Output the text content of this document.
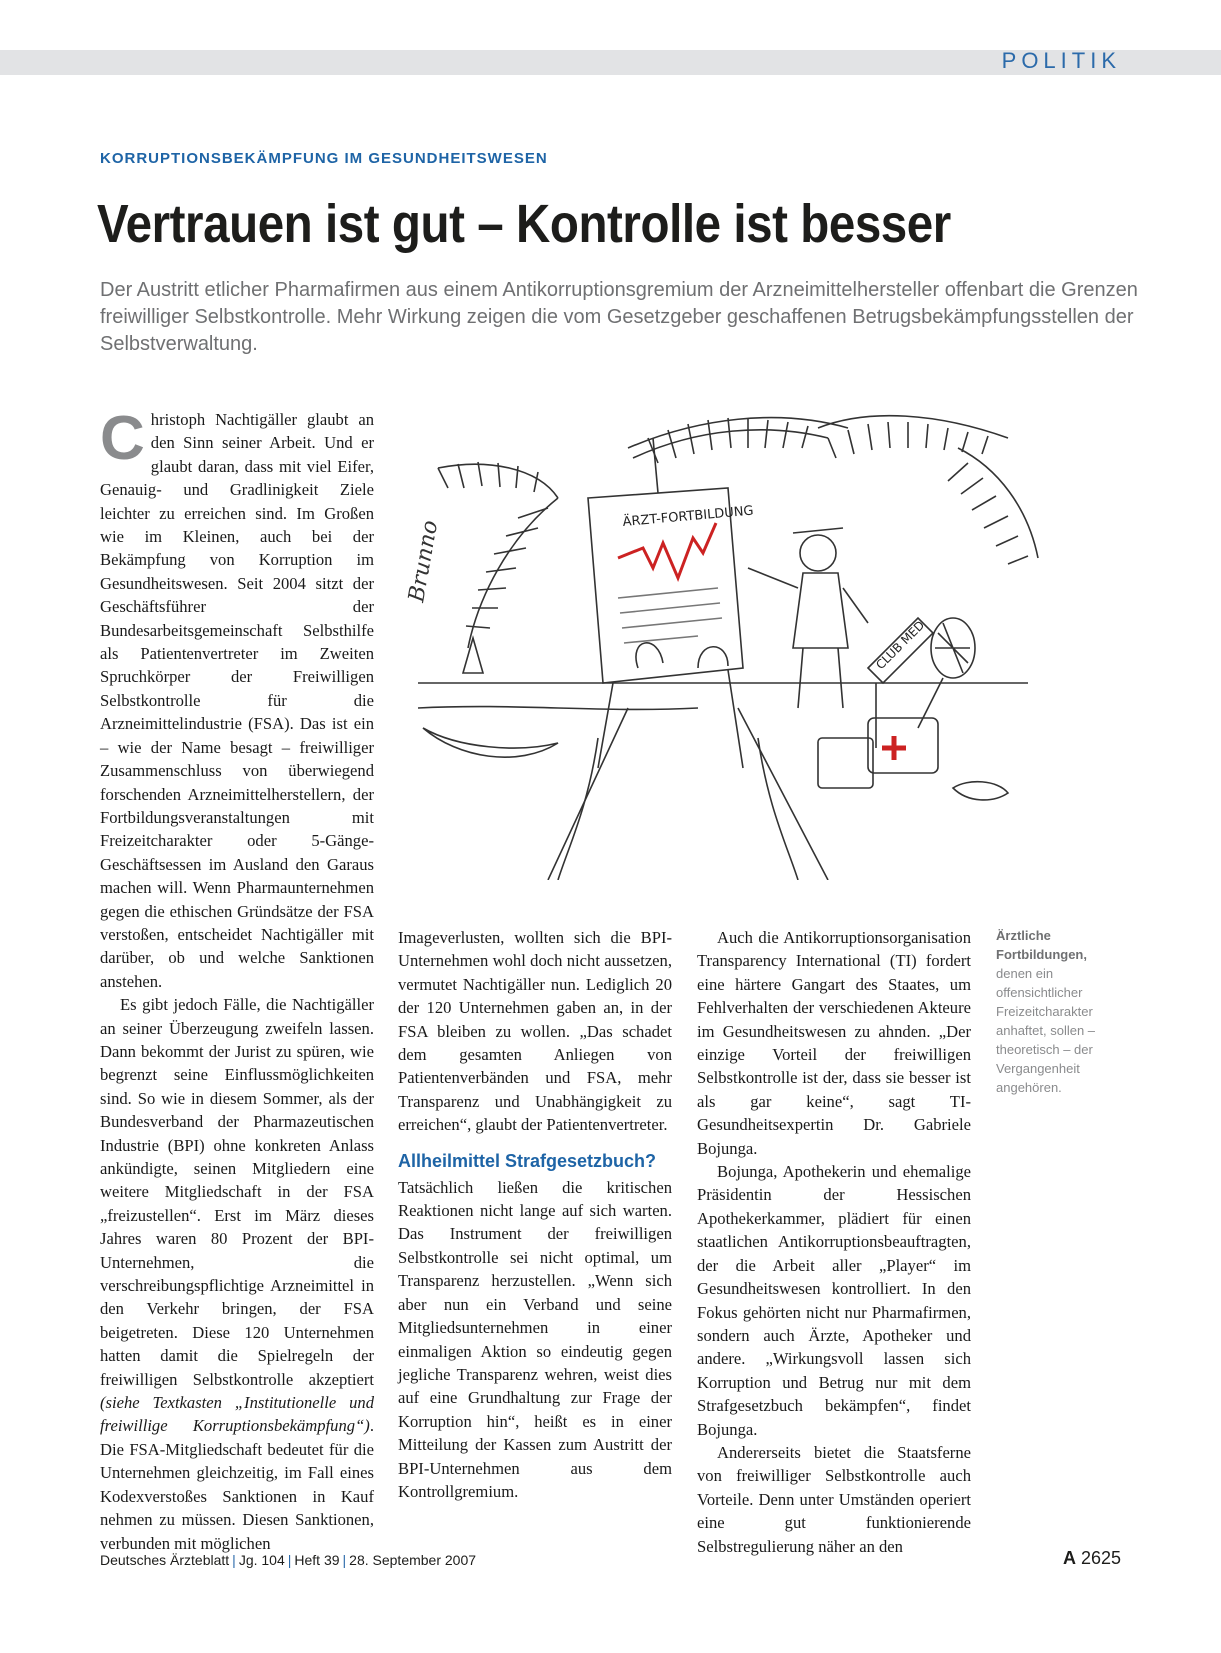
POLITIK
KORRUPTIONSBEKÄMPFUNG IM GESUNDHEITSWESEN
Vertrauen ist gut – Kontrolle ist besser
Der Austritt etlicher Pharmafirmen aus einem Antikorruptionsgremium der Arzneimittelhersteller offenbart die Grenzen freiwilliger Selbstkontrolle. Mehr Wirkung zeigen die vom Gesetzgeber geschaffenen Betrugsbekämpfungsstellen der Selbstverwaltung.

Christoph Nachtigäller glaubt an den Sinn seiner Arbeit. Und er glaubt daran, dass mit viel Eifer, Genauig- und Gradlinigkeit Ziele leichter zu erreichen sind. Im Großen wie im Kleinen, auch bei der Bekämpfung von Korruption im Gesundheitswesen. Seit 2004 sitzt der Geschäftsführer der Bundesarbeitsgemeinschaft Selbsthilfe als Patientenvertreter im Zweiten Spruchkörper der Freiwilligen Selbstkontrolle für die Arzneimittelindustrie (FSA). Das ist ein – wie der Name besagt – freiwilliger Zusammenschluss von überwiegend forschenden Arzneimittelherstellern, der Fortbildungsveranstaltungen mit Freizeitcharakter oder 5-Gänge-Geschäftsessen im Ausland den Garaus machen will. Wenn Pharmaunternehmen gegen die ethischen Gründsätze der FSA verstoßen, entscheidet Nachtigäller mit darüber, ob und welche Sanktionen anstehen.

Es gibt jedoch Fälle, die Nachtigäller an seiner Überzeugung zweifeln lassen. Dann bekommt der Jurist zu spüren, wie begrenzt seine Einflussmöglichkeiten sind. So wie in diesem Sommer, als der Bundesverband der Pharmazeutischen Industrie (BPI) ohne konkreten Anlass ankündigte, seinen Mitgliedern eine weitere Mitgliedschaft in der FSA „freizustellen“. Erst im März dieses Jahres waren 80 Prozent der BPI-Unternehmen, die verschreibungspflichtige Arzneimittel in den Verkehr bringen, der FSA beigetreten. Diese 120 Unternehmen hatten damit die Spielregeln der freiwilligen Selbstkontrolle akzeptiert (siehe Textkasten „Institutionelle und freiwillige Korruptionsbekämpfung“). Die FSA-Mitgliedschaft bedeutet für die Unternehmen gleichzeitig, im Fall eines Kodexverstoßes Sanktionen in Kauf nehmen zu müssen. Diesen Sanktionen, verbunden mit möglichen

ÄRZT-FORTBILDUNG
CLUB MED
Brunno

Imageverlusten, wollten sich die BPI-Unternehmen wohl doch nicht aussetzen, vermutet Nachtigäller nun. Lediglich 20 der 120 Unternehmen gaben an, in der FSA bleiben zu wollen. „Das schadet dem gesamten Anliegen von Patientenverbänden und FSA, mehr Transparenz und Unabhängigkeit zu erreichen“, glaubt der Patientenvertreter.

Allheilmittel Strafgesetzbuch?

Tatsächlich ließen die kritischen Reaktionen nicht lange auf sich warten. Das Instrument der freiwilligen Selbstkontrolle sei nicht optimal, um Transparenz herzustellen. „Wenn sich aber nun ein Verband und seine Mitgliedsunternehmen in einer einmaligen Aktion so eindeutig gegen jegliche Transparenz wehren, weist dies auf eine Grundhaltung zur Frage der Korruption hin“, heißt es in einer Mitteilung der Kassen zum Austritt der BPI-Unternehmen aus dem Kontrollgremium.

Auch die Antikorruptionsorganisation Transparency International (TI) fordert eine härtere Gangart des Staates, um Fehlverhalten der verschiedenen Akteure im Gesundheitswesen zu ahnden. „Der einzige Vorteil der freiwilligen Selbstkontrolle ist der, dass sie besser ist als gar keine“, sagt TI-Gesundheitsexpertin Dr. Gabriele Bojunga.

Bojunga, Apothekerin und ehemalige Präsidentin der Hessischen Apothekerkammer, plädiert für einen staatlichen Antikorruptionsbeauftragten, der die Arbeit aller „Player“ im Gesundheitswesen kontrolliert. In den Fokus gehörten nicht nur Pharmafirmen, sondern auch Ärzte, Apotheker und andere. „Wirkungsvoll lassen sich Korruption und Betrug nur mit dem Strafgesetzbuch bekämpfen“, findet Bojunga.

Andererseits bietet die Staatsferne von freiwilliger Selbstkontrolle auch Vorteile. Denn unter Umständen operiert eine gut funktionierende Selbstregulierung näher an den

Ärztliche Fortbildungen,
denen ein offensichtlicher Freizeitcharakter anhaftet, sollen – theoretisch – der Vergangenheit angehören.
Deutsches Ärzteblatt | Jg. 104 | Heft 39 | 28. September 2007	A 2625
